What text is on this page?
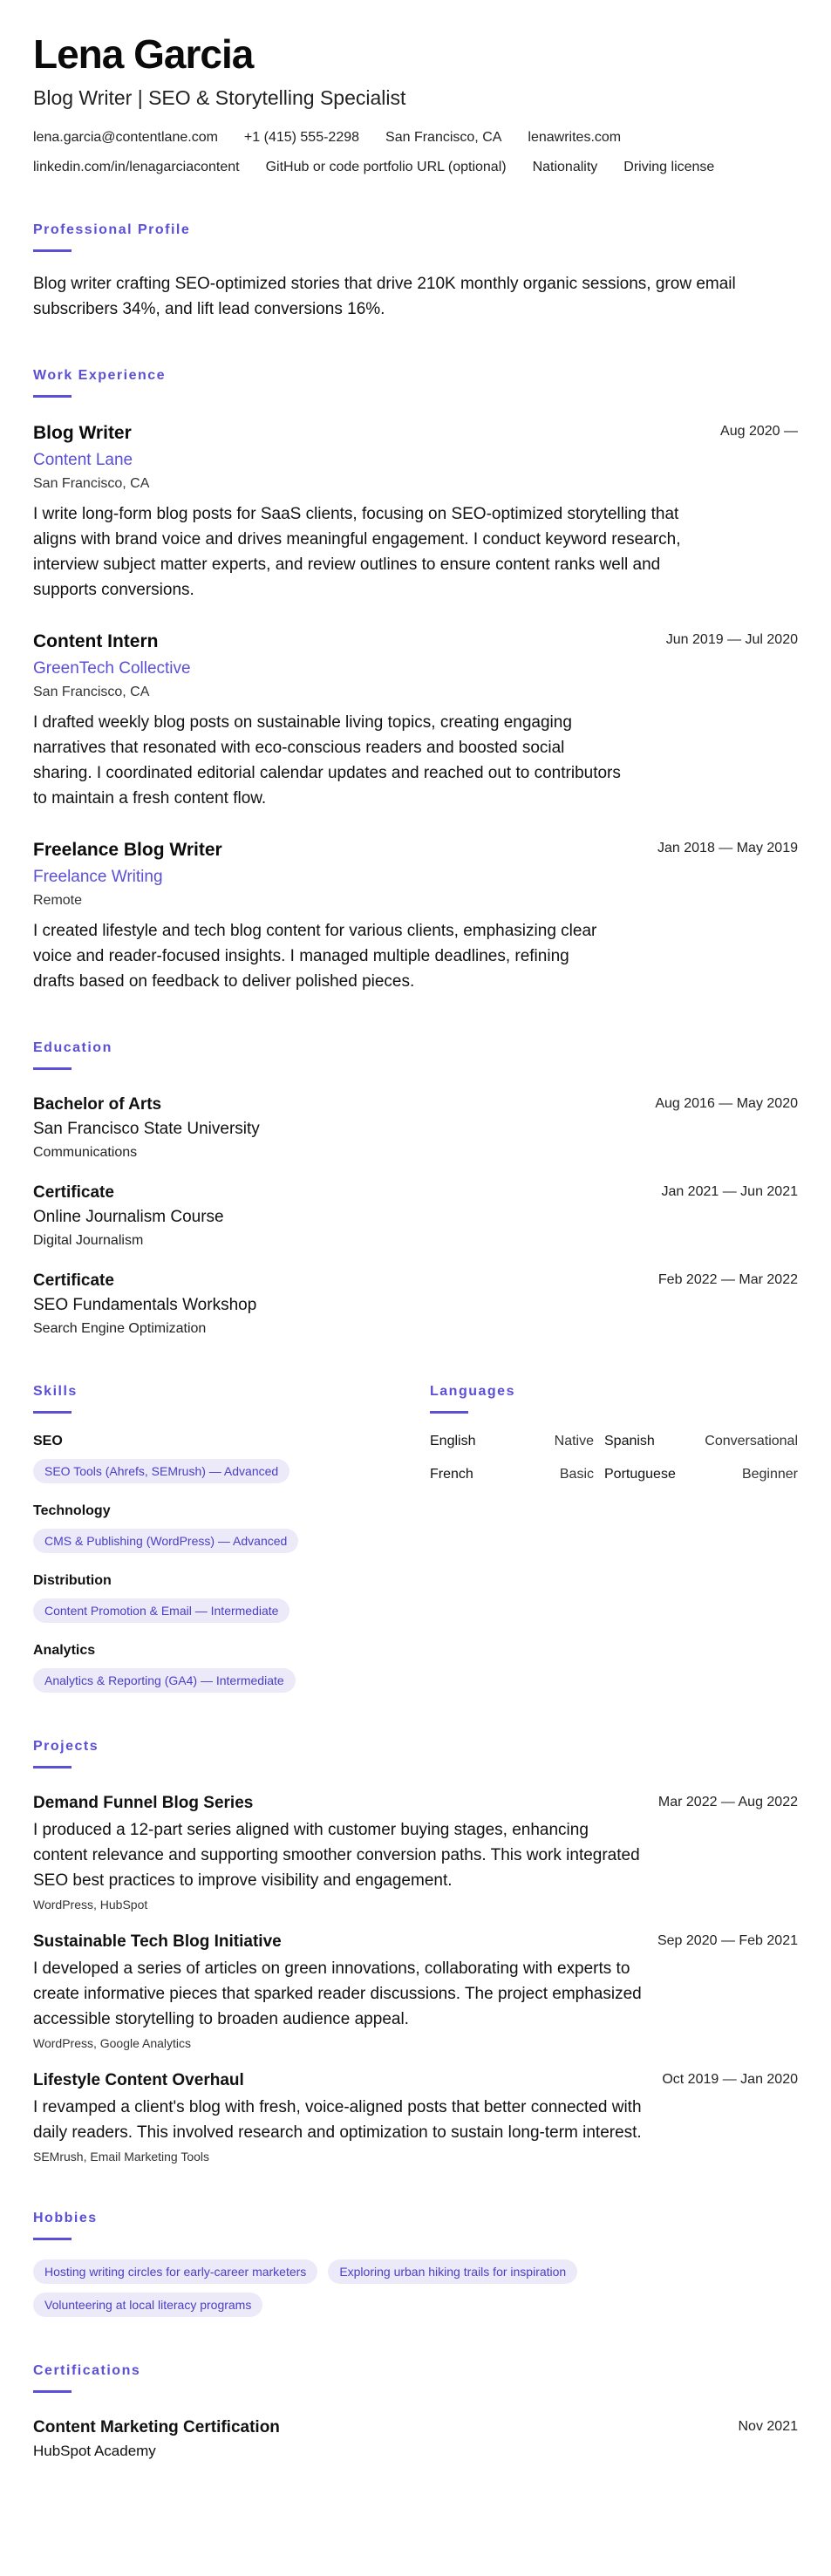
Lena Garcia
Blog Writer | SEO & Storytelling Specialist
lena.garcia@contentlane.com +1 (415) 555-2298 San Francisco, CA lenawrites.com
linkedin.com/in/lenagarciacontent GitHub or code portfolio URL (optional) Nationality Driving license
Professional Profile

Blog writer crafting SEO-optimized stories that drive 210K monthly organic sessions, grow email subscribers 34%, and lift lead conversions 16%.

Work Experience
Aug 2020 —
Blog Writer
Content Lane
San Francisco, CA

I write long-form blog posts for SaaS clients, focusing on SEO-optimized storytelling that aligns with brand voice and drives meaningful engagement. I conduct keyword research, interview subject matter experts, and review outlines to ensure content ranks well and supports conversions.

Jun 2019 — Jul 2020
Content Intern
GreenTech Collective
San Francisco, CA

I drafted weekly blog posts on sustainable living topics, creating engaging narratives that resonated with eco-conscious readers and boosted social sharing. I coordinated editorial calendar updates and reached out to contributors to maintain a fresh content flow.

Jan 2018 — May 2019
Freelance Blog Writer
Freelance Writing
Remote

I created lifestyle and tech blog content for various clients, emphasizing clear voice and reader-focused insights. I managed multiple deadlines, refining drafts based on feedback to deliver polished pieces.

Education
Aug 2016 — May 2020
Bachelor of Arts
San Francisco State University
Communications
Jan 2021 — Jun 2021
Certificate
Online Journalism Course
Digital Journalism
Feb 2022 — Mar 2022
Certificate
SEO Fundamentals Workshop
Search Engine Optimization
Skills
SEO
SEO Tools (Ahrefs, SEMrush) — Advanced
Technology
CMS & Publishing (WordPress) — Advanced
Distribution
Content Promotion & Email — Intermediate
Analytics
Analytics & Reporting (GA4) — Intermediate
Languages
English	Native Spanish	Conversational
French	Basic Portuguese	Beginner
Projects
Mar 2022 — Aug 2022
Demand Funnel Blog Series

I produced a 12-part series aligned with customer buying stages, enhancing content relevance and supporting smoother conversion paths. This work integrated SEO best practices to improve visibility and engagement.

WordPress, HubSpot
Sep 2020 — Feb 2021
Sustainable Tech Blog Initiative

I developed a series of articles on green innovations, collaborating with experts to create informative pieces that sparked reader discussions. The project emphasized accessible storytelling to broaden audience appeal.

WordPress, Google Analytics
Oct 2019 — Jan 2020
Lifestyle Content Overhaul

I revamped a client's blog with fresh, voice-aligned posts that better connected with daily readers. This involved research and optimization to sustain long-term interest.

SEMrush, Email Marketing Tools
Hobbies
Hosting writing circles for early-career marketers	Exploring urban hiking trails for inspiration
Volunteering at local literacy programs
Certifications
Nov 2021
Content Marketing Certification
HubSpot Academy
